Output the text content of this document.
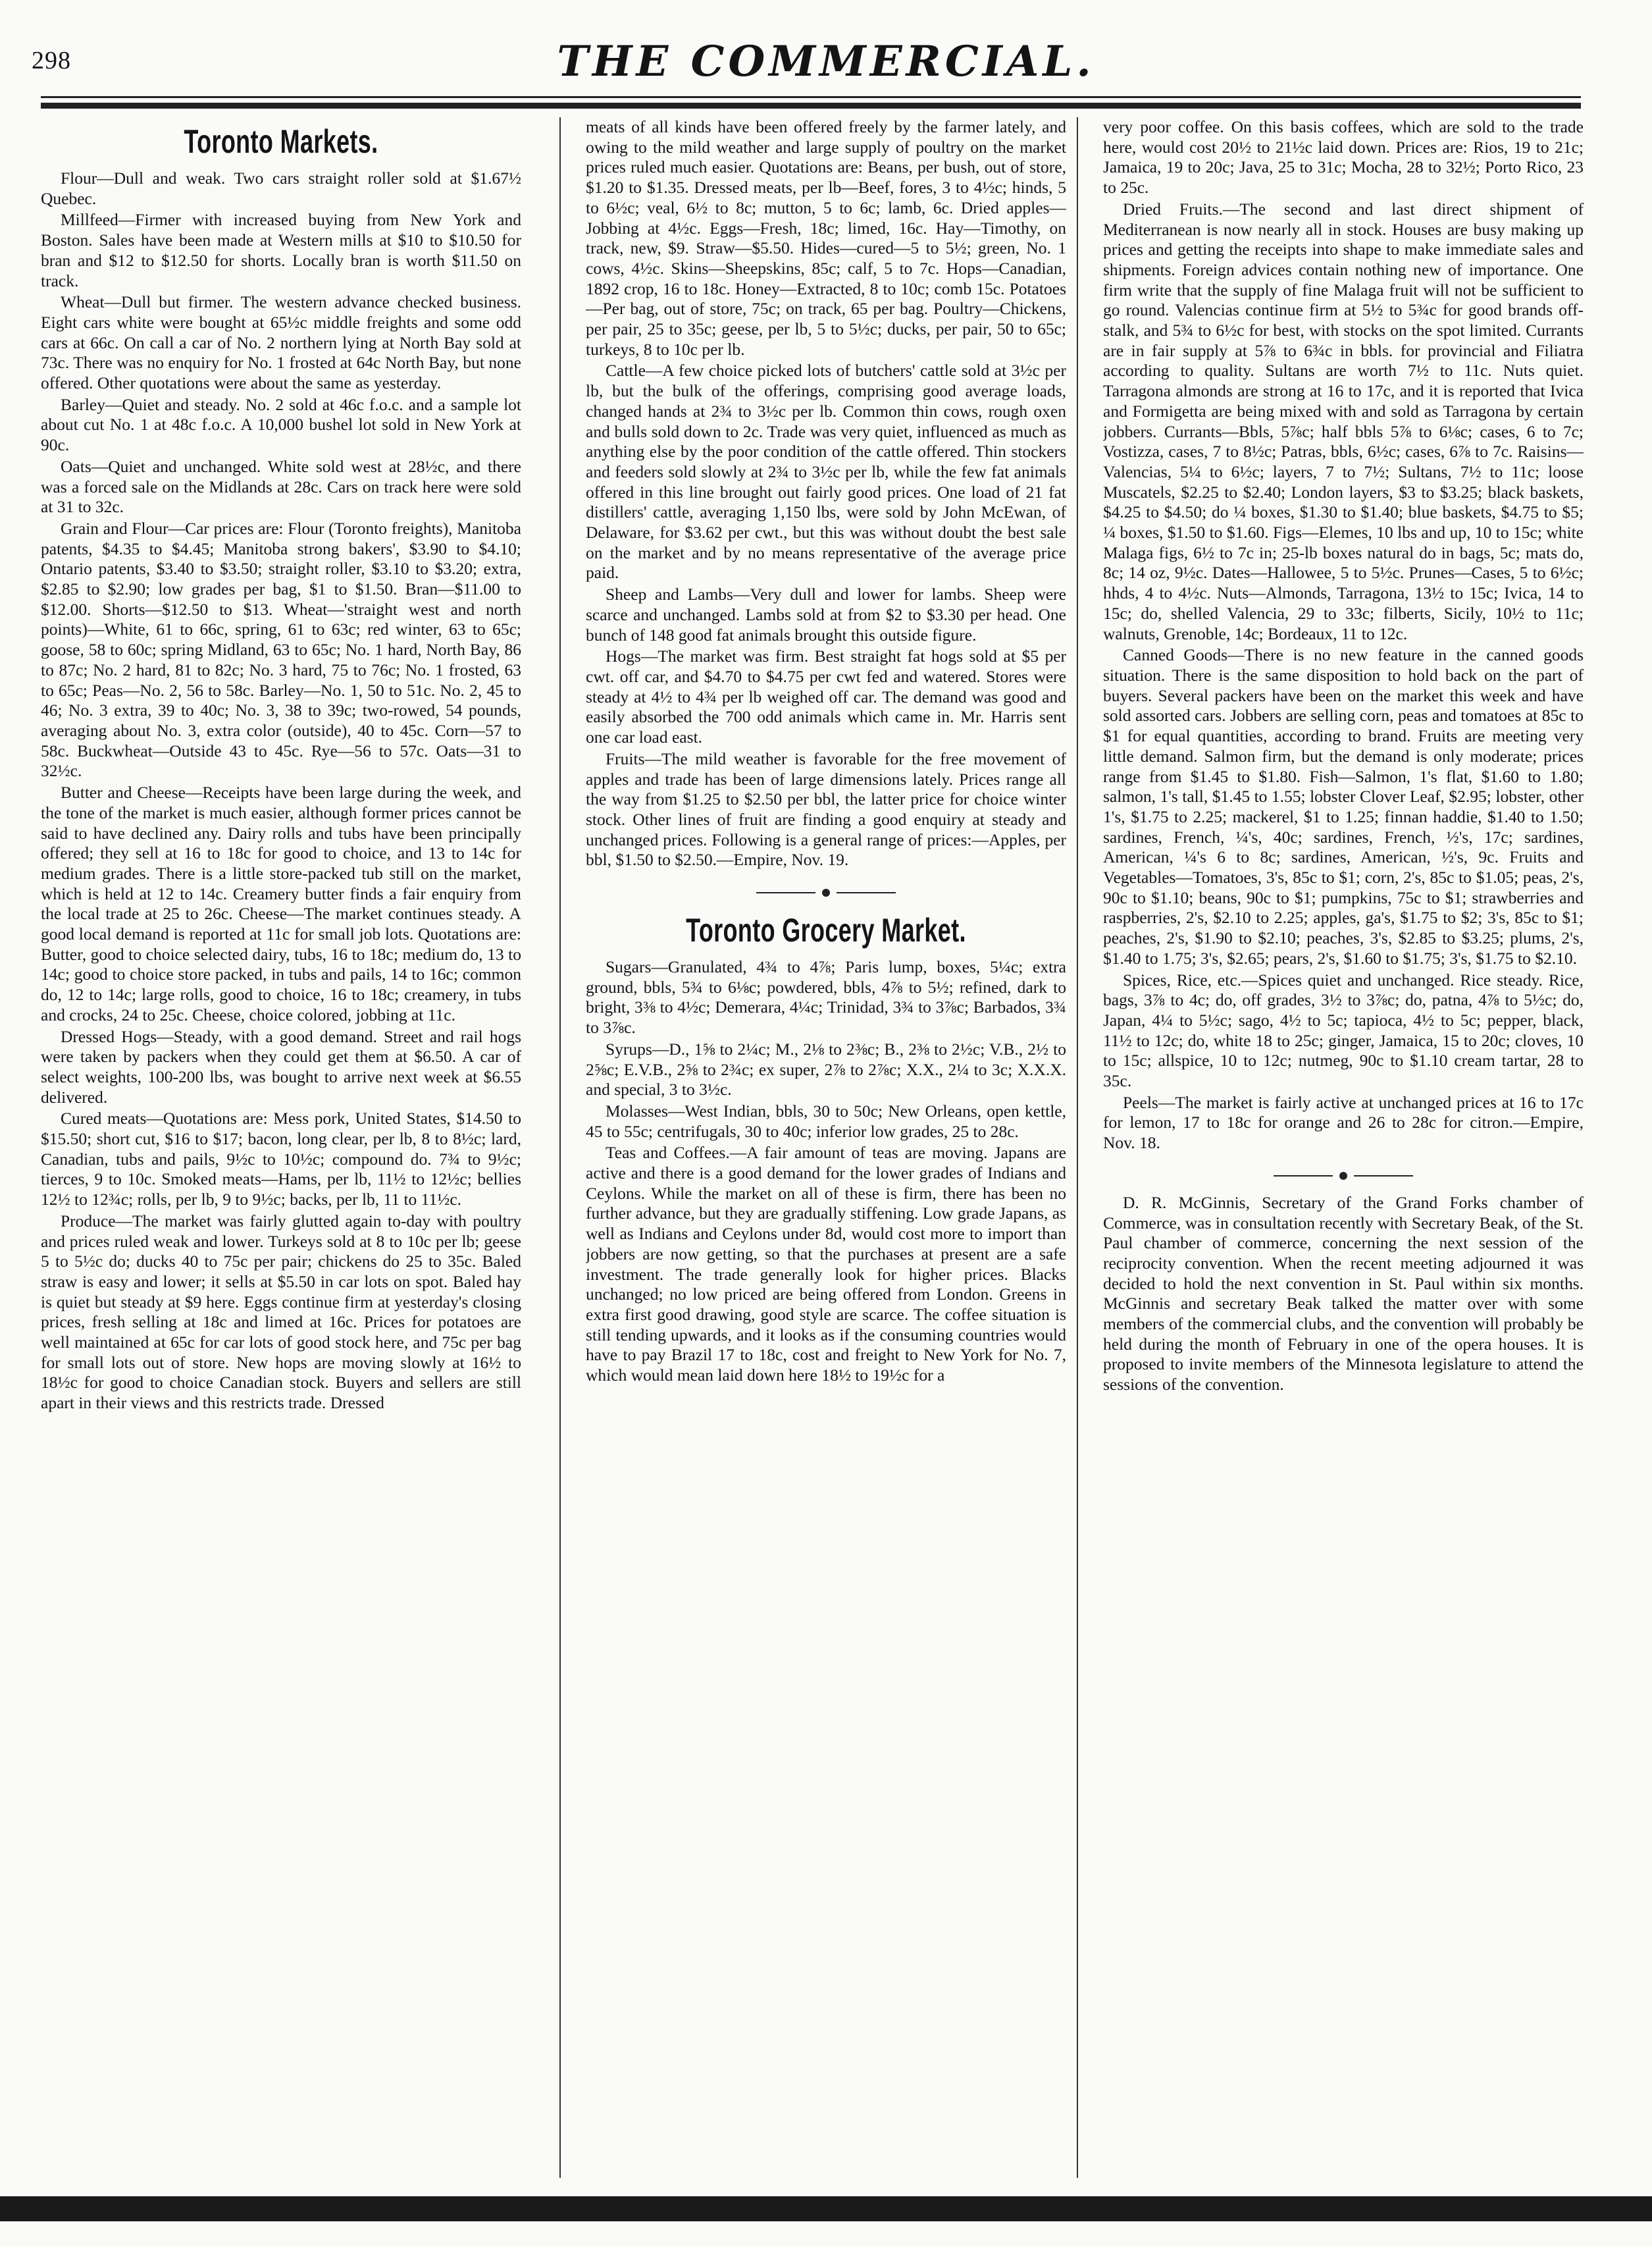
298	THE COMMERCIAL.
Toronto Markets.

Flour—Dull and weak. Two cars straight roller sold at $1.67½ Quebec.

Millfeed—Firmer with increased buying from New York and Boston. Sales have been made at Western mills at $10 to $10.50 for bran and $12 to $12.50 for shorts. Locally bran is worth $11.50 on track.

Wheat—Dull but firmer. The western advance checked business. Eight cars white were bought at 65½c middle freights and some odd cars at 66c. On call a car of No. 2 northern lying at North Bay sold at 73c. There was no enquiry for No. 1 frosted at 64c North Bay, but none offered. Other quotations were about the same as yesterday.

Barley—Quiet and steady. No. 2 sold at 46c f.o.c. and a sample lot about cut No. 1 at 48c f.o.c. A 10,000 bushel lot sold in New York at 90c.

Oats—Quiet and unchanged. White sold west at 28½c, and there was a forced sale on the Midlands at 28c. Cars on track here were sold at 31 to 32c.

Grain and Flour—Car prices are: Flour (Toronto freights), Manitoba patents, $4.35 to $4.45; Manitoba strong bakers', $3.90 to $4.10; Ontario patents, $3.40 to $3.50; straight roller, $3.10 to $3.20; extra, $2.85 to $2.90; low grades per bag, $1 to $1.50. Bran—$11.00 to $12.00. Shorts—$12.50 to $13. Wheat—'straight west and north points)—White, 61 to 66c, spring, 61 to 63c; red winter, 63 to 65c; goose, 58 to 60c; spring Midland, 63 to 65c; No. 1 hard, North Bay, 86 to 87c; No. 2 hard, 81 to 82c; No. 3 hard, 75 to 76c; No. 1 frosted, 63 to 65c; Peas—No. 2, 56 to 58c. Barley—No. 1, 50 to 51c. No. 2, 45 to 46; No. 3 extra, 39 to 40c; No. 3, 38 to 39c; two-rowed, 54 pounds, averaging about No. 3, extra color (outside), 40 to 45c. Corn—57 to 58c. Buckwheat—Outside 43 to 45c. Rye—56 to 57c. Oats—31 to 32½c.

Butter and Cheese—Receipts have been large during the week, and the tone of the market is much easier, although former prices cannot be said to have declined any. Dairy rolls and tubs have been principally offered; they sell at 16 to 18c for good to choice, and 13 to 14c for medium grades. There is a little store-packed tub still on the market, which is held at 12 to 14c. Creamery butter finds a fair enquiry from the local trade at 25 to 26c. Cheese—The market continues steady. A good local demand is reported at 11c for small job lots. Quotations are: Butter, good to choice selected dairy, tubs, 16 to 18c; medium do, 13 to 14c; good to choice store packed, in tubs and pails, 14 to 16c; common do, 12 to 14c; large rolls, good to choice, 16 to 18c; creamery, in tubs and crocks, 24 to 25c. Cheese, choice colored, jobbing at 11c.

Dressed Hogs—Steady, with a good demand. Street and rail hogs were taken by packers when they could get them at $6.50. A car of select weights, 100-200 lbs, was bought to arrive next week at $6.55 delivered.

Cured meats—Quotations are: Mess pork, United States, $14.50 to $15.50; short cut, $16 to $17; bacon, long clear, per lb, 8 to 8½c; lard, Canadian, tubs and pails, 9½c to 10½c; compound do. 7¾ to 9½c; tierces, 9 to 10c. Smoked meats—Hams, per lb, 11½ to 12½c; bellies 12½ to 12¾c; rolls, per lb, 9 to 9½c; backs, per lb, 11 to 11½c.

Produce—The market was fairly glutted again to-day with poultry and prices ruled weak and lower. Turkeys sold at 8 to 10c per lb; geese 5 to 5½c do; ducks 40 to 75c per pair; chickens do 25 to 35c. Baled straw is easy and lower; it sells at $5.50 in car lots on spot. Baled hay is quiet but steady at $9 here. Eggs continue firm at yesterday's closing prices, fresh selling at 18c and limed at 16c. Prices for potatoes are well maintained at 65c for car lots of good stock here, and 75c per bag for small lots out of store. New hops are moving slowly at 16½ to 18½c for good to choice Canadian stock. Buyers and sellers are still apart in their views and this restricts trade. Dressed

meats of all kinds have been offered freely by the farmer lately, and owing to the mild weather and large supply of poultry on the market prices ruled much easier. Quotations are: Beans, per bush, out of store, $1.20 to $1.35. Dressed meats, per lb—Beef, fores, 3 to 4½c; hinds, 5 to 6½c; veal, 6½ to 8c; mutton, 5 to 6c; lamb, 6c. Dried apples—Jobbing at 4½c. Eggs—Fresh, 18c; limed, 16c. Hay—Timothy, on track, new, $9. Straw—$5.50. Hides—cured—5 to 5½; green, No. 1 cows, 4½c. Skins—Sheepskins, 85c; calf, 5 to 7c. Hops—Canadian, 1892 crop, 16 to 18c. Honey—Extracted, 8 to 10c; comb 15c. Potatoes—Per bag, out of store, 75c; on track, 65 per bag. Poultry—Chickens, per pair, 25 to 35c; geese, per lb, 5 to 5½c; ducks, per pair, 50 to 65c; turkeys, 8 to 10c per lb.

Cattle—A few choice picked lots of butchers' cattle sold at 3½c per lb, but the bulk of the offerings, comprising good average loads, changed hands at 2¾ to 3½c per lb. Common thin cows, rough oxen and bulls sold down to 2c. Trade was very quiet, influenced as much as anything else by the poor condition of the cattle offered. Thin stockers and feeders sold slowly at 2¾ to 3½c per lb, while the few fat animals offered in this line brought out fairly good prices. One load of 21 fat distillers' cattle, averaging 1,150 lbs, were sold by John McEwan, of Delaware, for $3.62 per cwt., but this was without doubt the best sale on the market and by no means representative of the average price paid.

Sheep and Lambs—Very dull and lower for lambs. Sheep were scarce and unchanged. Lambs sold at from $2 to $3.30 per head. One bunch of 148 good fat animals brought this outside figure.

Hogs—The market was firm. Best straight fat hogs sold at $5 per cwt. off car, and $4.70 to $4.75 per cwt fed and watered. Stores were steady at 4½ to 4¾ per lb weighed off car. The demand was good and easily absorbed the 700 odd animals which came in. Mr. Harris sent one car load east.

Fruits—The mild weather is favorable for the free movement of apples and trade has been of large dimensions lately. Prices range all the way from $1.25 to $2.50 per bbl, the latter price for choice winter stock. Other lines of fruit are finding a good enquiry at steady and unchanged prices. Following is a general range of prices:—Apples, per bbl, $1.50 to $2.50.—Empire, Nov. 19.

Toronto Grocery Market.

Sugars—Granulated, 4¾ to 4⅞; Paris lump, boxes, 5¼c; extra ground, bbls, 5¾ to 6⅛c; powdered, bbls, 4⅞ to 5½; refined, dark to bright, 3⅜ to 4½c; Demerara, 4¼c; Trinidad, 3¾ to 3⅞c; Barbados, 3¾ to 3⅞c.

Syrups—D., 1⅝ to 2¼c; M., 2⅛ to 2⅜c; B., 2⅜ to 2½c; V.B., 2½ to 2⅝c; E.V.B., 2⅝ to 2¾c; ex super, 2⅞ to 2⅞c; X.X., 2¼ to 3c; X.X.X. and special, 3 to 3½c.

Molasses—West Indian, bbls, 30 to 50c; New Orleans, open kettle, 45 to 55c; centrifugals, 30 to 40c; inferior low grades, 25 to 28c.

Teas and Coffees.—A fair amount of teas are moving. Japans are active and there is a good demand for the lower grades of Indians and Ceylons. While the market on all of these is firm, there has been no further advance, but they are gradually stiffening. Low grade Japans, as well as Indians and Ceylons under 8d, would cost more to import than jobbers are now getting, so that the purchases at present are a safe investment. The trade generally look for higher prices. Blacks unchanged; no low priced are being offered from London. Greens in extra first good drawing, good style are scarce. The coffee situation is still tending upwards, and it looks as if the consuming countries would have to pay Brazil 17 to 18c, cost and freight to New York for No. 7, which would mean laid down here 18½ to 19½c for a

very poor coffee. On this basis coffees, which are sold to the trade here, would cost 20½ to 21½c laid down. Prices are: Rios, 19 to 21c; Jamaica, 19 to 20c; Java, 25 to 31c; Mocha, 28 to 32½; Porto Rico, 23 to 25c.

Dried Fruits.—The second and last direct shipment of Mediterranean is now nearly all in stock. Houses are busy making up prices and getting the receipts into shape to make immediate sales and shipments. Foreign advices contain nothing new of importance. One firm write that the supply of fine Malaga fruit will not be sufficient to go round. Valencias continue firm at 5½ to 5¾c for good brands off-stalk, and 5¾ to 6½c for best, with stocks on the spot limited. Currants are in fair supply at 5⅞ to 6¾c in bbls. for provincial and Filiatra according to quality. Sultans are worth 7½ to 11c. Nuts quiet. Tarragona almonds are strong at 16 to 17c, and it is reported that Ivica and Formigetta are being mixed with and sold as Tarragona by certain jobbers. Currants—Bbls, 5⅞c; half bbls 5⅞ to 6⅛c; cases, 6 to 7c; Vostizza, cases, 7 to 8½c; Patras, bbls, 6½c; cases, 6⅞ to 7c. Raisins—Valencias, 5¼ to 6½c; layers, 7 to 7½; Sultans, 7½ to 11c; loose Muscatels, $2.25 to $2.40; London layers, $3 to $3.25; black baskets, $4.25 to $4.50; do ¼ boxes, $1.30 to $1.40; blue baskets, $4.75 to $5; ¼ boxes, $1.50 to $1.60. Figs—Elemes, 10 lbs and up, 10 to 15c; white Malaga figs, 6½ to 7c in; 25-lb boxes natural do in bags, 5c; mats do, 8c; 14 oz, 9½c. Dates—Hallowee, 5 to 5½c. Prunes—Cases, 5 to 6½c; hhds, 4 to 4½c. Nuts—Almonds, Tarragona, 13½ to 15c; Ivica, 14 to 15c; do, shelled Valencia, 29 to 33c; filberts, Sicily, 10½ to 11c; walnuts, Grenoble, 14c; Bordeaux, 11 to 12c.

Canned Goods—There is no new feature in the canned goods situation. There is the same disposition to hold back on the part of buyers. Several packers have been on the market this week and have sold assorted cars. Jobbers are selling corn, peas and tomatoes at 85c to $1 for equal quantities, according to brand. Fruits are meeting very little demand. Salmon firm, but the demand is only moderate; prices range from $1.45 to $1.80. Fish—Salmon, 1's flat, $1.60 to 1.80; salmon, 1's tall, $1.45 to 1.55; lobster Clover Leaf, $2.95; lobster, other 1's, $1.75 to 2.25; mackerel, $1 to 1.25; finnan haddie, $1.40 to 1.50; sardines, French, ¼'s, 40c; sardines, French, ½'s, 17c; sardines, American, ¼'s 6 to 8c; sardines, American, ½'s, 9c. Fruits and Vegetables—Tomatoes, 3's, 85c to $1; corn, 2's, 85c to $1.05; peas, 2's, 90c to $1.10; beans, 90c to $1; pumpkins, 75c to $1; strawberries and raspberries, 2's, $2.10 to 2.25; apples, ga's, $1.75 to $2; 3's, 85c to $1; peaches, 2's, $1.90 to $2.10; peaches, 3's, $2.85 to $3.25; plums, 2's, $1.40 to 1.75; 3's, $2.65; pears, 2's, $1.60 to $1.75; 3's, $1.75 to $2.10.

Spices, Rice, etc.—Spices quiet and unchanged. Rice steady. Rice, bags, 3⅞ to 4c; do, off grades, 3½ to 3⅞c; do, patna, 4⅞ to 5½c; do, Japan, 4¼ to 5½c; sago, 4½ to 5c; tapioca, 4½ to 5c; pepper, black, 11½ to 12c; do, white 18 to 25c; ginger, Jamaica, 15 to 20c; cloves, 10 to 15c; allspice, 10 to 12c; nutmeg, 90c to $1.10 cream tartar, 28 to 35c.

Peels—The market is fairly active at unchanged prices at 16 to 17c for lemon, 17 to 18c for orange and 26 to 28c for citron.—Empire, Nov. 18.

D. R. McGinnis, Secretary of the Grand Forks chamber of Commerce, was in consultation recently with Secretary Beak, of the St. Paul chamber of commerce, concerning the next session of the reciprocity convention. When the recent meeting adjourned it was decided to hold the next convention in St. Paul within six months. McGinnis and secretary Beak talked the matter over with some members of the commercial clubs, and the convention will probably be held during the month of February in one of the opera houses. It is proposed to invite members of the Minnesota legislature to attend the sessions of the convention.
